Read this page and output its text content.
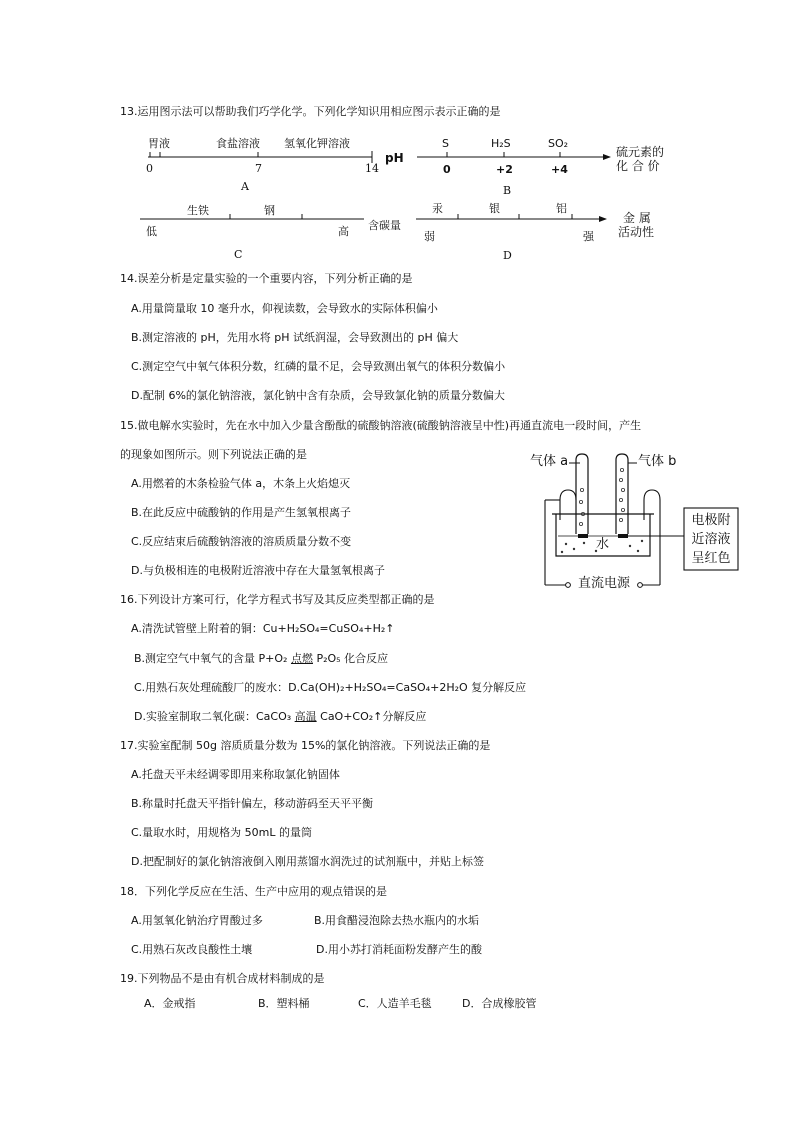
13.运用图示法可以帮助我们巧学化学。下列化学知识用相应图示表示正确的是
胃液	食盐溶液 氢氧化钾溶液
0	7	14
pH
A
S	H₂S	SO₂
0	+2	+4
硫元素的
化 合 价
B
生铁	钢
低	高 含碳量
C
汞	银	铝
弱	强
金 属
活动性
D
14.误差分析是定量实验的一个重要内容，下列分析正确的是
A.用量筒量取 10 毫升水，仰视读数，会导致水的实际体积偏小
B.测定溶液的 pH，先用水将 pH 试纸润湿，会导致测出的 pH 偏大
C.测定空气中氧气体积分数，红磷的量不足，会导致测出氧气的体积分数偏小
D.配制 6%的氯化钠溶液，氯化钠中含有杂质，会导致氯化钠的质量分数偏大
15.做电解水实验时，先在水中加入少量含酚酞的硫酸钠溶液(硫酸钠溶液呈中性)再通直流电一段时间，产生
的现象如图所示。则下列说法正确的是
A.用燃着的木条检验气体 a，木条上火焰熄灭
B.在此反应中硫酸钠的作用是产生氢氧根离子
C.反应结束后硫酸钠溶液的溶质质量分数不变
D.与负极相连的电极附近溶液中存在大量氢氧根离子
气体 a	气体 b
水
电极附
近溶液
呈红色
直流电源
16.下列设计方案可行，化学方程式书写及其反应类型都正确的是
A.清洗试管壁上附着的铜：Cu+H₂SO₄=CuSO₄+H₂↑
B.测定空气中氧气的含量 P+O₂ 点燃 P₂O₅ 化合反应
C.用熟石灰处理硫酸厂的废水：D.Ca(OH)₂+H₂SO₄=CaSO₄+2H₂O 复分解反应
D.实验室制取二氧化碳：CaCO₃ 高温 CaO+CO₂↑分解反应
17.实验室配制 50g 溶质质量分数为 15%的氯化钠溶液。下列说法正确的是
A.托盘天平未经调零即用来称取氯化钠固体
B.称量时托盘天平指针偏左，移动游码至天平平衡
C.量取水时，用规格为 50mL 的量筒
D.把配制好的氯化钠溶液倒入刚用蒸馏水润洗过的试剂瓶中，并贴上标签
18．下列化学反应在生活、生产中应用的观点错误的是
A.用氢氧化钠治疗胃酸过多	B.用食醋浸泡除去热水瓶内的水垢
C.用熟石灰改良酸性土壤	D.用小苏打消耗面粉发酵产生的酸
19.下列物品不是由有机合成材料制成的是
A．金戒指	B．塑料桶	C．人造羊毛毯	D．合成橡胶管
